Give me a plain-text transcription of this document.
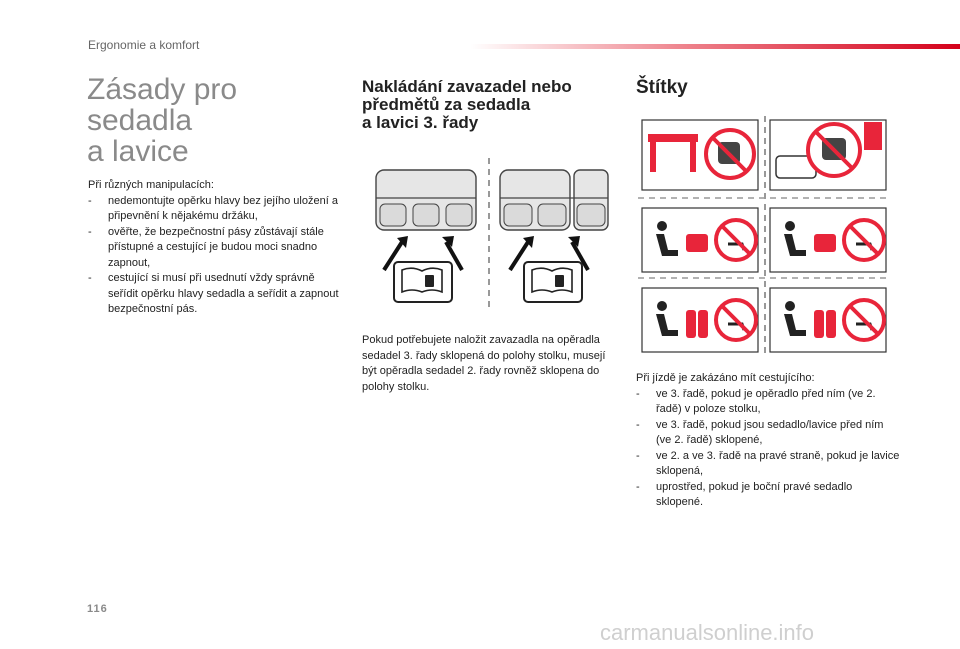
Ergonomie a komfort
Zásady pro sedadla
a lavice
Při různých manipulacích:
- nedemontujte opěrku hlavy bez jejího uložení a připevnění k nějakému držáku,
- ověřte, že bezpečnostní pásy zůstávají stále přístupné a cestující je budou moci snadno zapnout,
- cestující si musí při usednutí vždy správně seřídit opěrku hlavy sedadla a seřídit a zapnout bezpečnostní pás.
Nakládání zavazadel nebo
předmětů za sedadla
a lavici 3. řady
Pokud potřebujete naložit zavazadla na opěradla sedadel 3. řady sklopená do polohy stolku, musejí být opěradla sedadel 2. řady rovněž sklopena do polohy stolku.
Štítky
Při jízdě je zakázáno mít cestujícího:
- ve 3. řadě, pokud je opěradlo před ním (ve 2. řadě) v poloze stolku,
- ve 3. řadě, pokud jsou sedadlo/lavice před ním (ve 2. řadě) sklopené,
- ve 2. a ve 3. řadě na pravé straně, pokud je lavice sklopená,
- uprostřed, pokud je boční pravé sedadlo sklopené.
116
carmanualsonline.info
